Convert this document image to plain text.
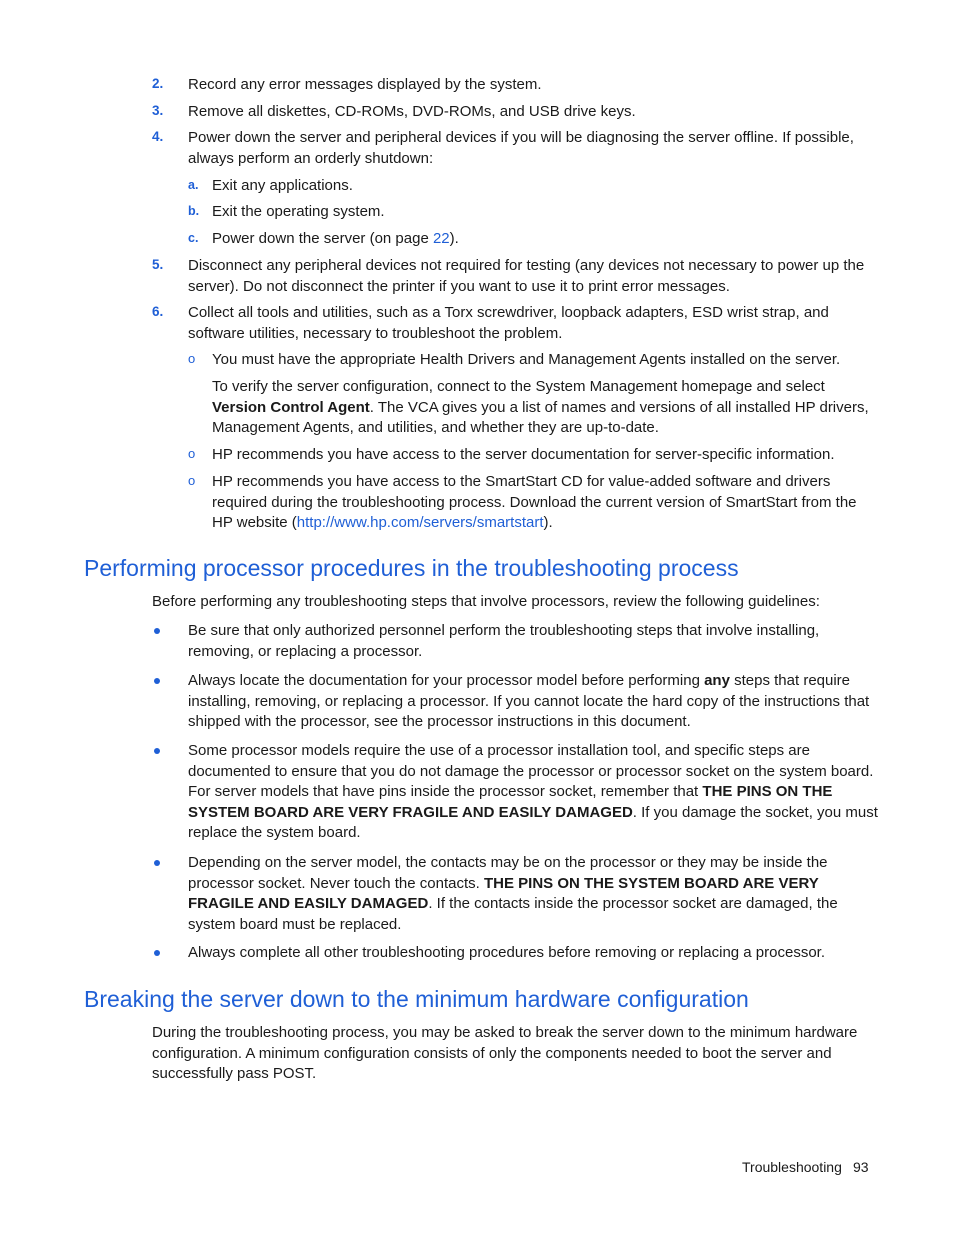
2. Record any error messages displayed by the system.
3. Remove all diskettes, CD-ROMs, DVD-ROMs, and USB drive keys.
4. Power down the server and peripheral devices if you will be diagnosing the server offline. If possible, always perform an orderly shutdown:
a. Exit any applications.
b. Exit the operating system.
c. Power down the server (on page 22).
5. Disconnect any peripheral devices not required for testing (any devices not necessary to power up the server). Do not disconnect the printer if you want to use it to print error messages.
6. Collect all tools and utilities, such as a Torx screwdriver, loopback adapters, ESD wrist strap, and software utilities, necessary to troubleshoot the problem.
o You must have the appropriate Health Drivers and Management Agents installed on the server.
To verify the server configuration, connect to the System Management homepage and select Version Control Agent. The VCA gives you a list of names and versions of all installed HP drivers, Management Agents, and utilities, and whether they are up-to-date.
o HP recommends you have access to the server documentation for server-specific information.
o HP recommends you have access to the SmartStart CD for value-added software and drivers required during the troubleshooting process. Download the current version of SmartStart from the HP website (http://www.hp.com/servers/smartstart).
Performing processor procedures in the troubleshooting process
Before performing any troubleshooting steps that involve processors, review the following guidelines:
Be sure that only authorized personnel perform the troubleshooting steps that involve installing, removing, or replacing a processor.
Always locate the documentation for your processor model before performing any steps that require installing, removing, or replacing a processor. If you cannot locate the hard copy of the instructions that shipped with the processor, see the processor instructions in this document.
Some processor models require the use of a processor installation tool, and specific steps are documented to ensure that you do not damage the processor or processor socket on the system board. For server models that have pins inside the processor socket, remember that THE PINS ON THE SYSTEM BOARD ARE VERY FRAGILE AND EASILY DAMAGED. If you damage the socket, you must replace the system board.
Depending on the server model, the contacts may be on the processor or they may be inside the processor socket. Never touch the contacts. THE PINS ON THE SYSTEM BOARD ARE VERY FRAGILE AND EASILY DAMAGED. If the contacts inside the processor socket are damaged, the system board must be replaced.
Always complete all other troubleshooting procedures before removing or replacing a processor.
Breaking the server down to the minimum hardware configuration
During the troubleshooting process, you may be asked to break the server down to the minimum hardware configuration. A minimum configuration consists of only the components needed to boot the server and successfully pass POST.
Troubleshooting 93
